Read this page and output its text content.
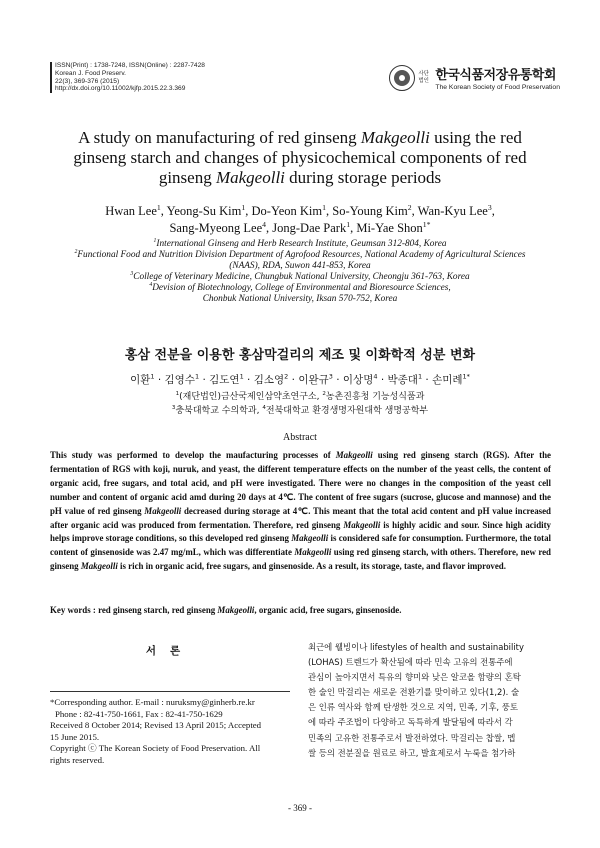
ISSN(Print) : 1738-7248, ISSN(Online) : 2287-7428
Korean J. Food Preserv.
22(3), 369-376 (2015)
http://dx.doi.org/10.11002/kjfp.2015.22.3.369
사단 법인 한국식품저장유통학회
The Korean Society of Food Preservation
A study on manufacturing of red ginseng Makgeolli using the red
ginseng starch and changes of physicochemical components of red
ginseng Makgeolli during storage periods
Hwan Lee$^1$, Yeong-Su Kim$^1$, Do-Yeon Kim$^1$, So-Young Kim$^2$, Wan-Kyu Lee$^3$,
Sang-Myeong Lee$^4$, Jong-Dae Park$^1$, Mi-Yae Shon$^{1*}$
$^1$International Ginseng and Herb Research Institute, Geumsan 312-804, Korea
$^2$Functional Food and Nutrition Division Department of Agrofood Resources, National Academy of Agricultural Sciences
(NAAS), RDA, Suwon 441-853, Korea
$^3$College of Veterinary Medicine, Chungbuk National University, Cheongju 361-763, Korea
$^4$Devision of Biotechnology, College of Environmental and Bioresource Sciences,
Chonbuk National University, Iksan 570-752, Korea
홍삼 전분을 이용한 홍삼막걸리의 제조 및 이화학적 성분 변화
이환$^1$ · 김영수$^1$ · 김도연$^1$ · 김소영$^2$ · 이완규$^3$ · 이상명$^4$ · 박종대$^1$ · 손미례$^{1*}$
$^1$(재단법인)금산국제인삼약초연구소, $^2$농촌진흥청 기능성식품과
$^3$충북대학교 수의학과, $^4$전북대학교 환경생명자원대학 생명공학부
Abstract
This study was performed to develop the maufacturing processes of Makgeolli using red ginseng starch (RGS). After the fermentation of RGS with koji, nuruk, and yeast, the different temperature effects on the number of the yeast cells, the content of organic acid, free sugars, and total acid, and pH were investigated. There were no changes in the composition of the yeast cell number and content of organic acid amd during 20 days at 4℃. The content of free sugars (sucrose, glucose and mannose) and the pH value of red ginseng Makgeolli decreased during storage at 4℃. This meant that the total acid content and pH value increased after organic acid was produced from fermentation. Therefore, red ginseng Makgeolli is highly acidic and sour. Since high acidity helps improve storage conditions, so this developed red ginseng Makgeolli is considered safe for consumption. Furthermore, the total content of ginsenoside was 2.47 mg/mL, which was differentiate Makgeolli using red ginseng starch, with others. Therefore, new red ginseng Makgeolli is rich in organic acid, free sugars, and ginsenoside. As a result, its storage, taste, and flavor improved.
Key words : red ginseng starch, red ginseng Makgeolli, organic acid, free sugars, ginsenoside.
서론	최근에 웰빙이나 lifestyles of health and sustainability
(LOHAS) 트렌드가 확산됨에 따라 민속 고유의 전통주에
관심이 높아지면서 특유의 향미와 낮은 알코올 함량의 혼탁
한 술인 막걸리는 새로운 전환기를 맞이하고 있다(1,2). 술
은 인류 역사와 함께 탄생한 것으로 지역, 민족, 기후, 풍토
에 따라 주조법이 다양하고 독특하게 발달됨에 따라서 각
민족의 고유한 전통주로서 발전하였다. 막걸리는 찹쌀, 멥
쌀 등의 전분질을 원료로 하고, 발효제로서 누룩을 첨가하
*Corresponding author. E-mail : nuruksmy@ginherb.re.kr
Phone : 82-41-750-1661, Fax : 82-41-750-1629
Received 8 October 2014; Revised 13 April 2015; Accepted
15 June 2015.
Copyright ⓒ The Korean Society of Food Preservation. All
rights reserved.
- 369 -
